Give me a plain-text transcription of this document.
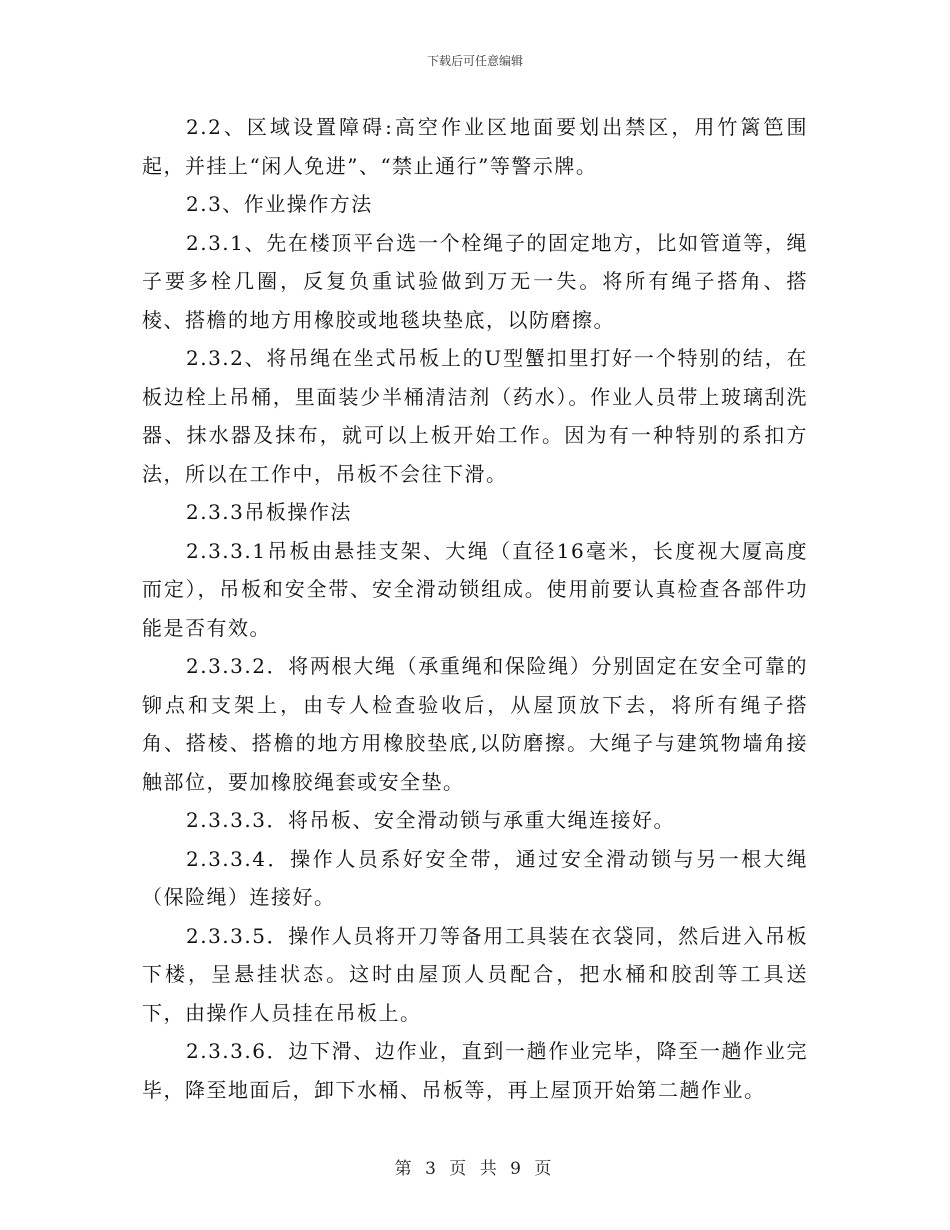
下载后可任意编辑

2.2、区域设置障碍:高空作业区地面要划出禁区，用竹篱笆围起，并挂上“闲人免进”、“禁止通行”等警示牌。

2.3、作业操作方法

2.3.1、先在楼顶平台选一个栓绳子的固定地方，比如管道等，绳子要多栓几圈，反复负重试验做到万无一失。将所有绳子搭角、搭棱、搭檐的地方用橡胶或地毯块垫底，以防磨擦。

2.3.2、将吊绳在坐式吊板上的U型蟹扣里打好一个特别的结，在板边栓上吊桶，里面装少半桶清洁剂（药水）。作业人员带上玻璃刮洗器、抹水器及抹布，就可以上板开始工作。因为有一种特别的系扣方法，所以在工作中，吊板不会往下滑。

2.3.3吊板操作法

2.3.3.1吊板由悬挂支架、大绳（直径16毫米，长度视大厦高度而定），吊板和安全带、安全滑动锁组成。使用前要认真检查各部件功能是否有效。

2.3.3.2．将两根大绳（承重绳和保险绳）分别固定在安全可靠的铆点和支架上，由专人检查验收后，从屋顶放下去，将所有绳子搭角、搭棱、搭檐的地方用橡胶垫底,以防磨擦。大绳子与建筑物墙角接触部位，要加橡胶绳套或安全垫。

2.3.3.3．将吊板、安全滑动锁与承重大绳连接好。

2.3.3.4．操作人员系好安全带，通过安全滑动锁与另一根大绳（保险绳）连接好。

2.3.3.5．操作人员将开刀等备用工具装在衣袋同，然后进入吊板下楼，呈悬挂状态。这时由屋顶人员配合，把水桶和胶刮等工具送下，由操作人员挂在吊板上。

2.3.3.6．边下滑、边作业，直到一趟作业完毕，降至一趟作业完毕，降至地面后，卸下水桶、吊板等，再上屋顶开始第二趟作业。

第 3 页 共 9 页
